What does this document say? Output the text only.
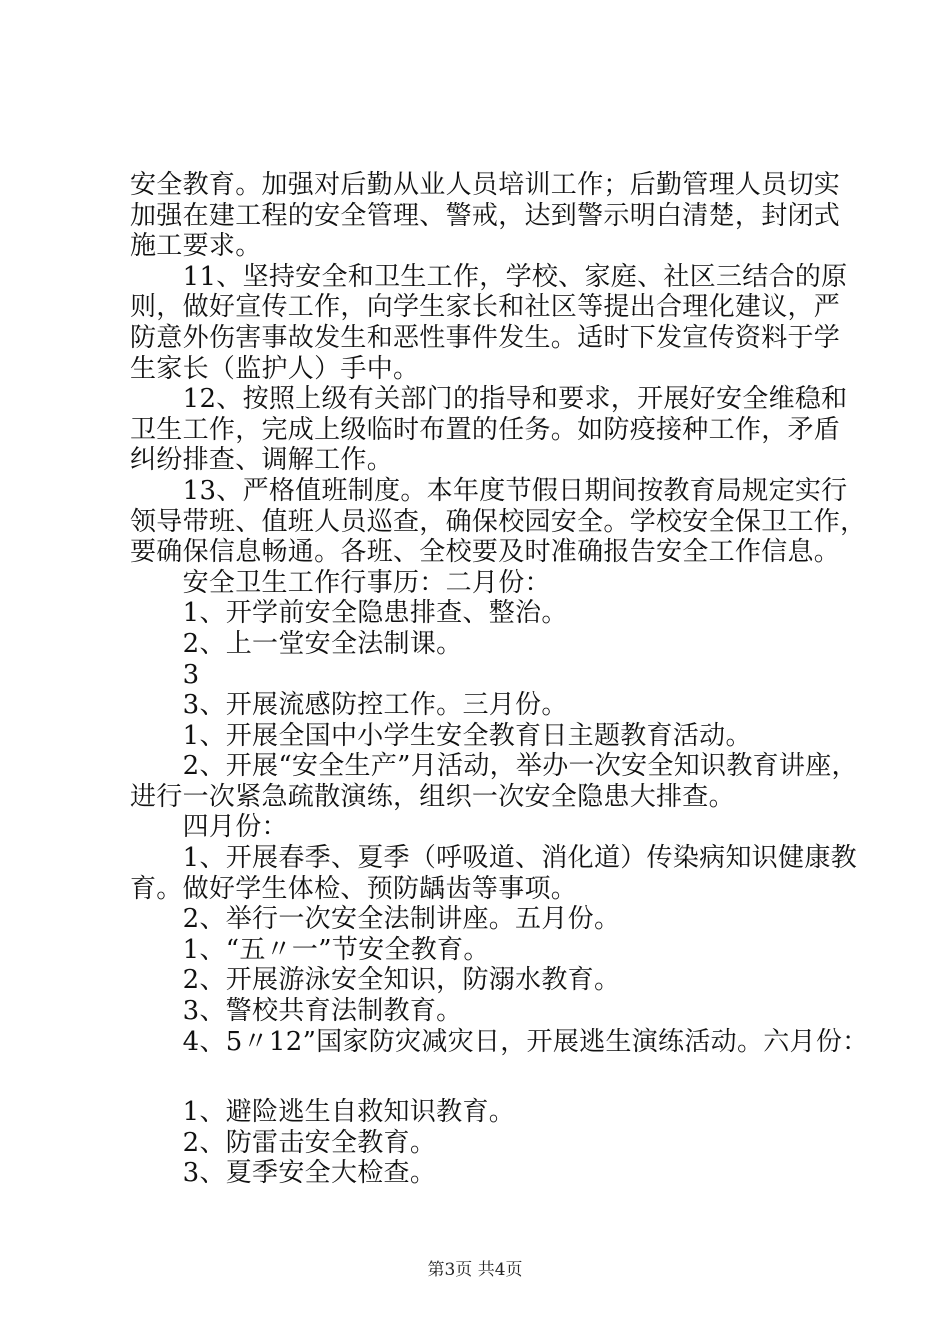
安全教育。加强对后勤从业人员培训工作；后勤管理人员切实
加强在建工程的安全管理、警戒，达到警示明白清楚，封闭式
施工要求。
　　11、坚持安全和卫生工作，学校、家庭、社区三结合的原
则，做好宣传工作，向学生家长和社区等提出合理化建议，严
防意外伤害事故发生和恶性事件发生。适时下发宣传资料于学
生家长（监护人）手中。
　　12、按照上级有关部门的指导和要求，开展好安全维稳和
卫生工作，完成上级临时布置的任务。如防疫接种工作，矛盾
纠纷排查、调解工作。
　　13、严格值班制度。本年度节假日期间按教育局规定实行
领导带班、值班人员巡查，确保校园安全。学校安全保卫工作，
要确保信息畅通。各班、全校要及时准确报告安全工作信息。
　　安全卫生工作行事历：二月份：
　　1、开学前安全隐患排查、整治。
　　2、上一堂安全法制课。
　　3
　　3、开展流感防控工作。三月份。
　　1、开展全国中小学生安全教育日主题教育活动。
　　2、开展“安全生产”月活动，举办一次安全知识教育讲座，
进行一次紧急疏散演练，组织一次安全隐患大排查。
　　四月份：
　　1、开展春季、夏季（呼吸道、消化道）传染病知识健康教
育。做好学生体检、预防龋齿等事项。
　　2、举行一次安全法制讲座。五月份。
　　1、“五〃一”节安全教育。
　　2、开展游泳安全知识，防溺水教育。
　　3、警校共育法制教育。
　　4、5〃12”国家防灾减灾日，开展逃生演练活动。六月份：
　　1、避险逃生自救知识教育。
　　2、防雷击安全教育。
　　3、夏季安全大检查。
第3页 共4页
